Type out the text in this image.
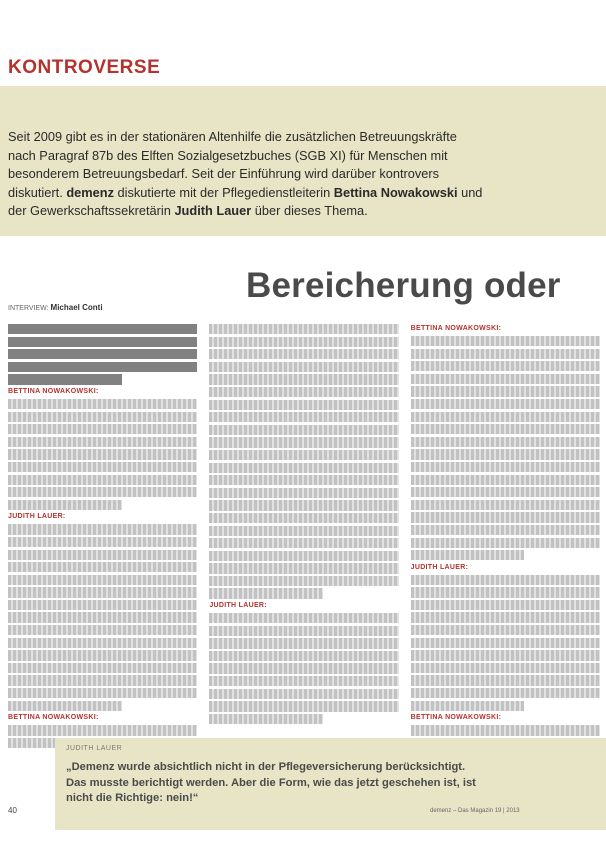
KONTROVERSE
Seit 2009 gibt es in der stationären Altenhilfe die zusätzlichen Betreuungskräfte nach Paragraf 87b des Elften Sozialgesetzbuches (SGB XI) für Menschen mit besonderem Betreuungsbedarf. Seit der Einführung wird darüber kontrovers diskutiert. demenz diskutierte mit der Pflegedienstleiterin Bettina Nowakowski und der Gewerkschaftssekretärin Judith Lauer über dieses Thema.
Bereicherung oder
INTERVIEW: Michael Conti
BETTINA NOWAKOWSKI:
JUDITH LAUER:
BETTINA NOWAKOWSKI:
JUDITH LAUER:
BETTINA NOWAKOWSKI:
JUDITH LAUER:
BETTINA NOWAKOWSKI:
JUDITH LAUER
„Demenz wurde absichtlich nicht in der Pflegeversicherung berücksichtigt. Das musste berichtigt werden. Aber die Form, wie das jetzt geschehen ist, ist nicht die Richtige: nein!“
40	demenz – Das Magazin 19 | 2013
